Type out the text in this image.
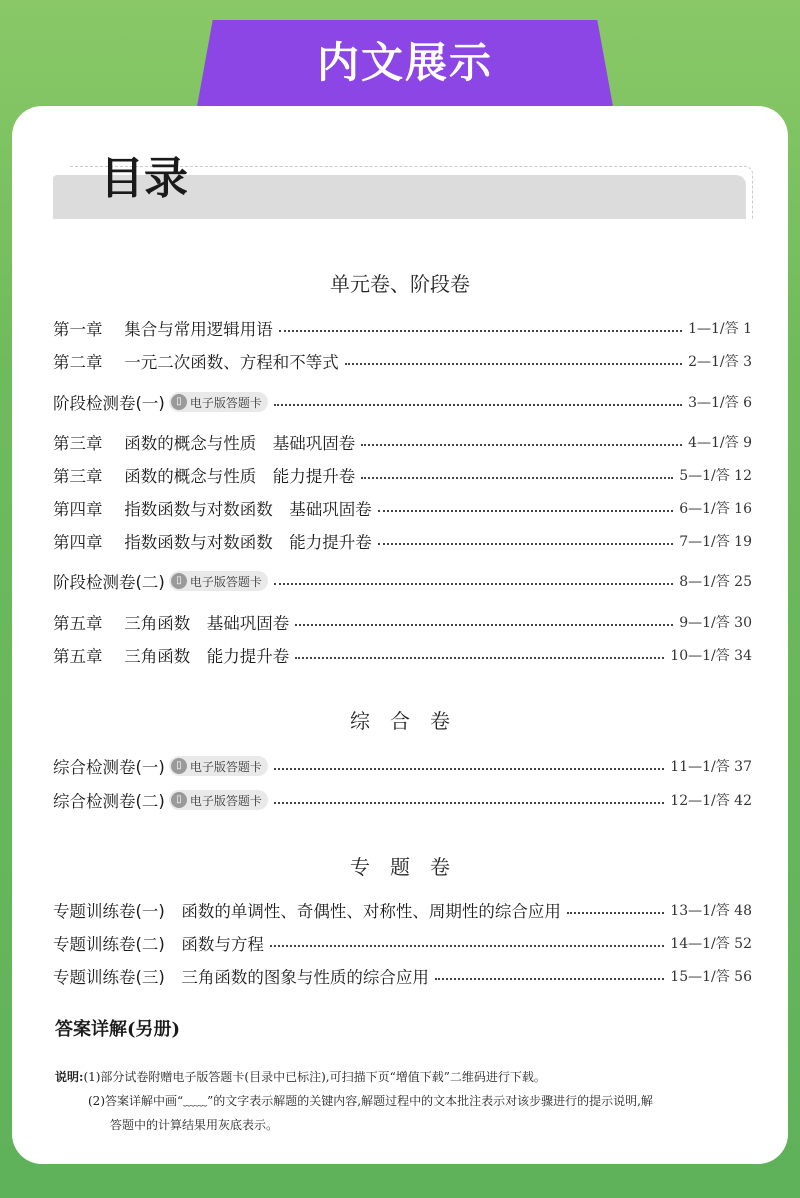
内文展示
目录
单元卷、阶段卷
第一章　 集合与常用逻辑用语	1—1/答 1
第二章　 一元二次函数、方程和不等式	2—1/答 3
阶段检测卷(一)	▯ 电子版答题卡	3—1/答 6
第三章　 函数的概念与性质　基础巩固卷	4—1/答 9
第三章　 函数的概念与性质　能力提升卷	5—1/答 12
第四章　 指数函数与对数函数　基础巩固卷	6—1/答 16
第四章　 指数函数与对数函数　能力提升卷	7—1/答 19
阶段检测卷(二)	▯ 电子版答题卡	8—1/答 25
第五章　 三角函数　基础巩固卷	9—1/答 30
第五章　 三角函数　能力提升卷	10—1/答 34
综　合　卷
综合检测卷(一)	▯ 电子版答题卡	11—1/答 37
综合检测卷(二)	▯ 电子版答题卡	12—1/答 42
专　题　卷
专题训练卷(一)　函数的单调性、奇偶性、对称性、周期性的综合应用	13—1/答 48
专题训练卷(二)　函数与方程	14—1/答 52
专题训练卷(三)　三角函数的图象与性质的综合应用	15—1/答 56
答案详解(另册)
说明:(1)部分试卷附赠电子版答题卡(目录中已标注),可扫描下页“增值下载”二维码进行下载。
(2)答案详解中画“﹏﹏”的文字表示解题的关键内容,解题过程中的文本批注表示对该步骤进行的提示说明,解
答题中的计算结果用灰底表示。
